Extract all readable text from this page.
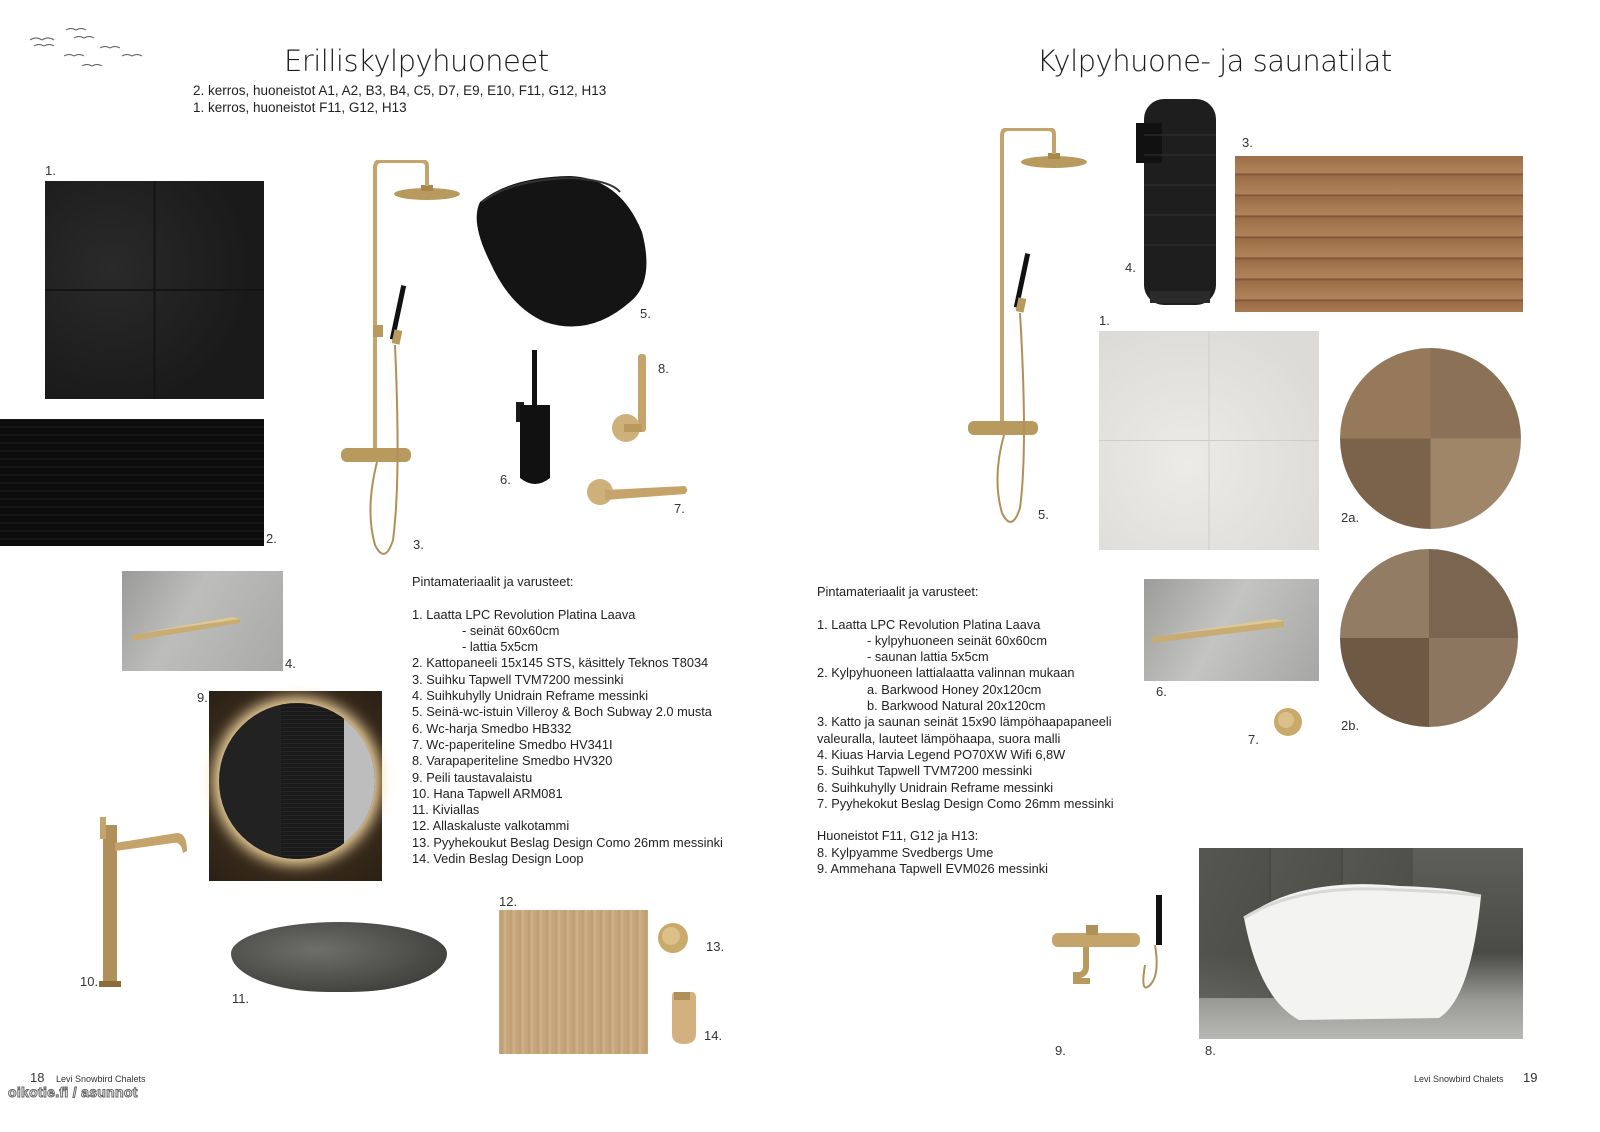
Erilliskylpyhuoneet
2. kerros, huoneistot A1, A2, B3, B4, C5, D7, E9, E10, F11, G12, H13
1. kerros, huoneistot F11, G12, H13
1.
2.	3.
5.
6.
8.
7.
4.
9.
10.
11.
12.
13.
14.
Pintamateriaalit ja varusteet:
1. Laatta LPC Revolution Platina Laava
- seinät 60x60cm
- lattia 5x5cm
2. Kattopaneeli 15x145 STS, käsittely Teknos T8034
3. Suihku Tapwell TVM7200 messinki
4. Suihkuhylly Unidrain Reframe messinki
5. Seinä-wc-istuin Villeroy & Boch Subway 2.0 musta
6. Wc-harja Smedbo HB332
7. Wc-paperiteline Smedbo HV341I
8. Varapaperiteline Smedbo HV320
9. Peili taustavalaistu
10. Hana Tapwell ARM081
11. Kiviallas
12. Allaskaluste valkotammi
13. Pyyhekoukut Beslag Design Como 26mm messinki
14. Vedin Beslag Design Loop
18 Levi Snowbird Chalets
oikotie.fi / asunnot
Kylpyhuone- ja saunatilat
5.
4.
3.
1.
2a.
2b.
6.
7.
Pintamateriaalit ja varusteet:
1. Laatta LPC Revolution Platina Laava
- kylpyhuoneen seinät 60x60cm
- saunan lattia 5x5cm
2. Kylpyhuoneen lattialaatta valinnan mukaan
a. Barkwood Honey 20x120cm
b. Barkwood Natural 20x120cm
3. Katto ja saunan seinät 15x90 lämpöhaapapaneeli
valeuralla, lauteet lämpöhaapa, suora malli
4. Kiuas Harvia Legend PO70XW Wifi 6,8W
5. Suihkut Tapwell TVM7200 messinki
6. Suihkuhylly Unidrain Reframe messinki
7. Pyyhekokut Beslag Design Como 26mm messinki
Huoneistot F11, G12 ja H13:
8. Kylpyamme Svedbergs Ume
9. Ammehana Tapwell EVM026 messinki
9.	8.
Levi Snowbird Chalets 19
